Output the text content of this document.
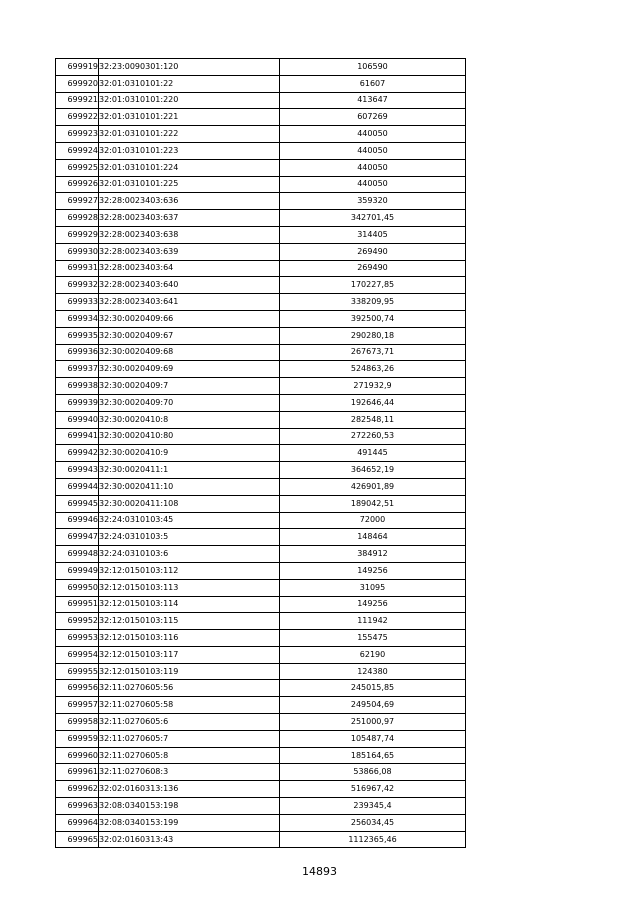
699919	32:23:0090301:120	106590
699920	32:01:0310101:22	61607
699921	32:01:0310101:220	413647
699922	32:01:0310101:221	607269
699923	32:01:0310101:222	440050
699924	32:01:0310101:223	440050
699925	32:01:0310101:224	440050
699926	32:01:0310101:225	440050
699927	32:28:0023403:636	359320
699928	32:28:0023403:637	342701,45
699929	32:28:0023403:638	314405
699930	32:28:0023403:639	269490
699931	32:28:0023403:64	269490
699932	32:28:0023403:640	170227,85
699933	32:28:0023403:641	338209,95
699934	32:30:0020409:66	392500,74
699935	32:30:0020409:67	290280,18
699936	32:30:0020409:68	267673,71
699937	32:30:0020409:69	524863,26
699938	32:30:0020409:7	271932,9
699939	32:30:0020409:70	192646,44
699940	32:30:0020410:8	282548,11
699941	32:30:0020410:80	272260,53
699942	32:30:0020410:9	491445
699943	32:30:0020411:1	364652,19
699944	32:30:0020411:10	426901,89
699945	32:30:0020411:108	189042,51
699946	32:24:0310103:45	72000
699947	32:24:0310103:5	148464
699948	32:24:0310103:6	384912
699949	32:12:0150103:112	149256
699950	32:12:0150103:113	31095
699951	32:12:0150103:114	149256
699952	32:12:0150103:115	111942
699953	32:12:0150103:116	155475
699954	32:12:0150103:117	62190
699955	32:12:0150103:119	124380
699956	32:11:0270605:56	245015,85
699957	32:11:0270605:58	249504,69
699958	32:11:0270605:6	251000,97
699959	32:11:0270605:7	105487,74
699960	32:11:0270605:8	185164,65
699961	32:11:0270608:3	53866,08
699962	32:02:0160313:136	516967,42
699963	32:08:0340153:198	239345,4
699964	32:08:0340153:199	256034,45
699965	32:02:0160313:43	1112365,46
14893
